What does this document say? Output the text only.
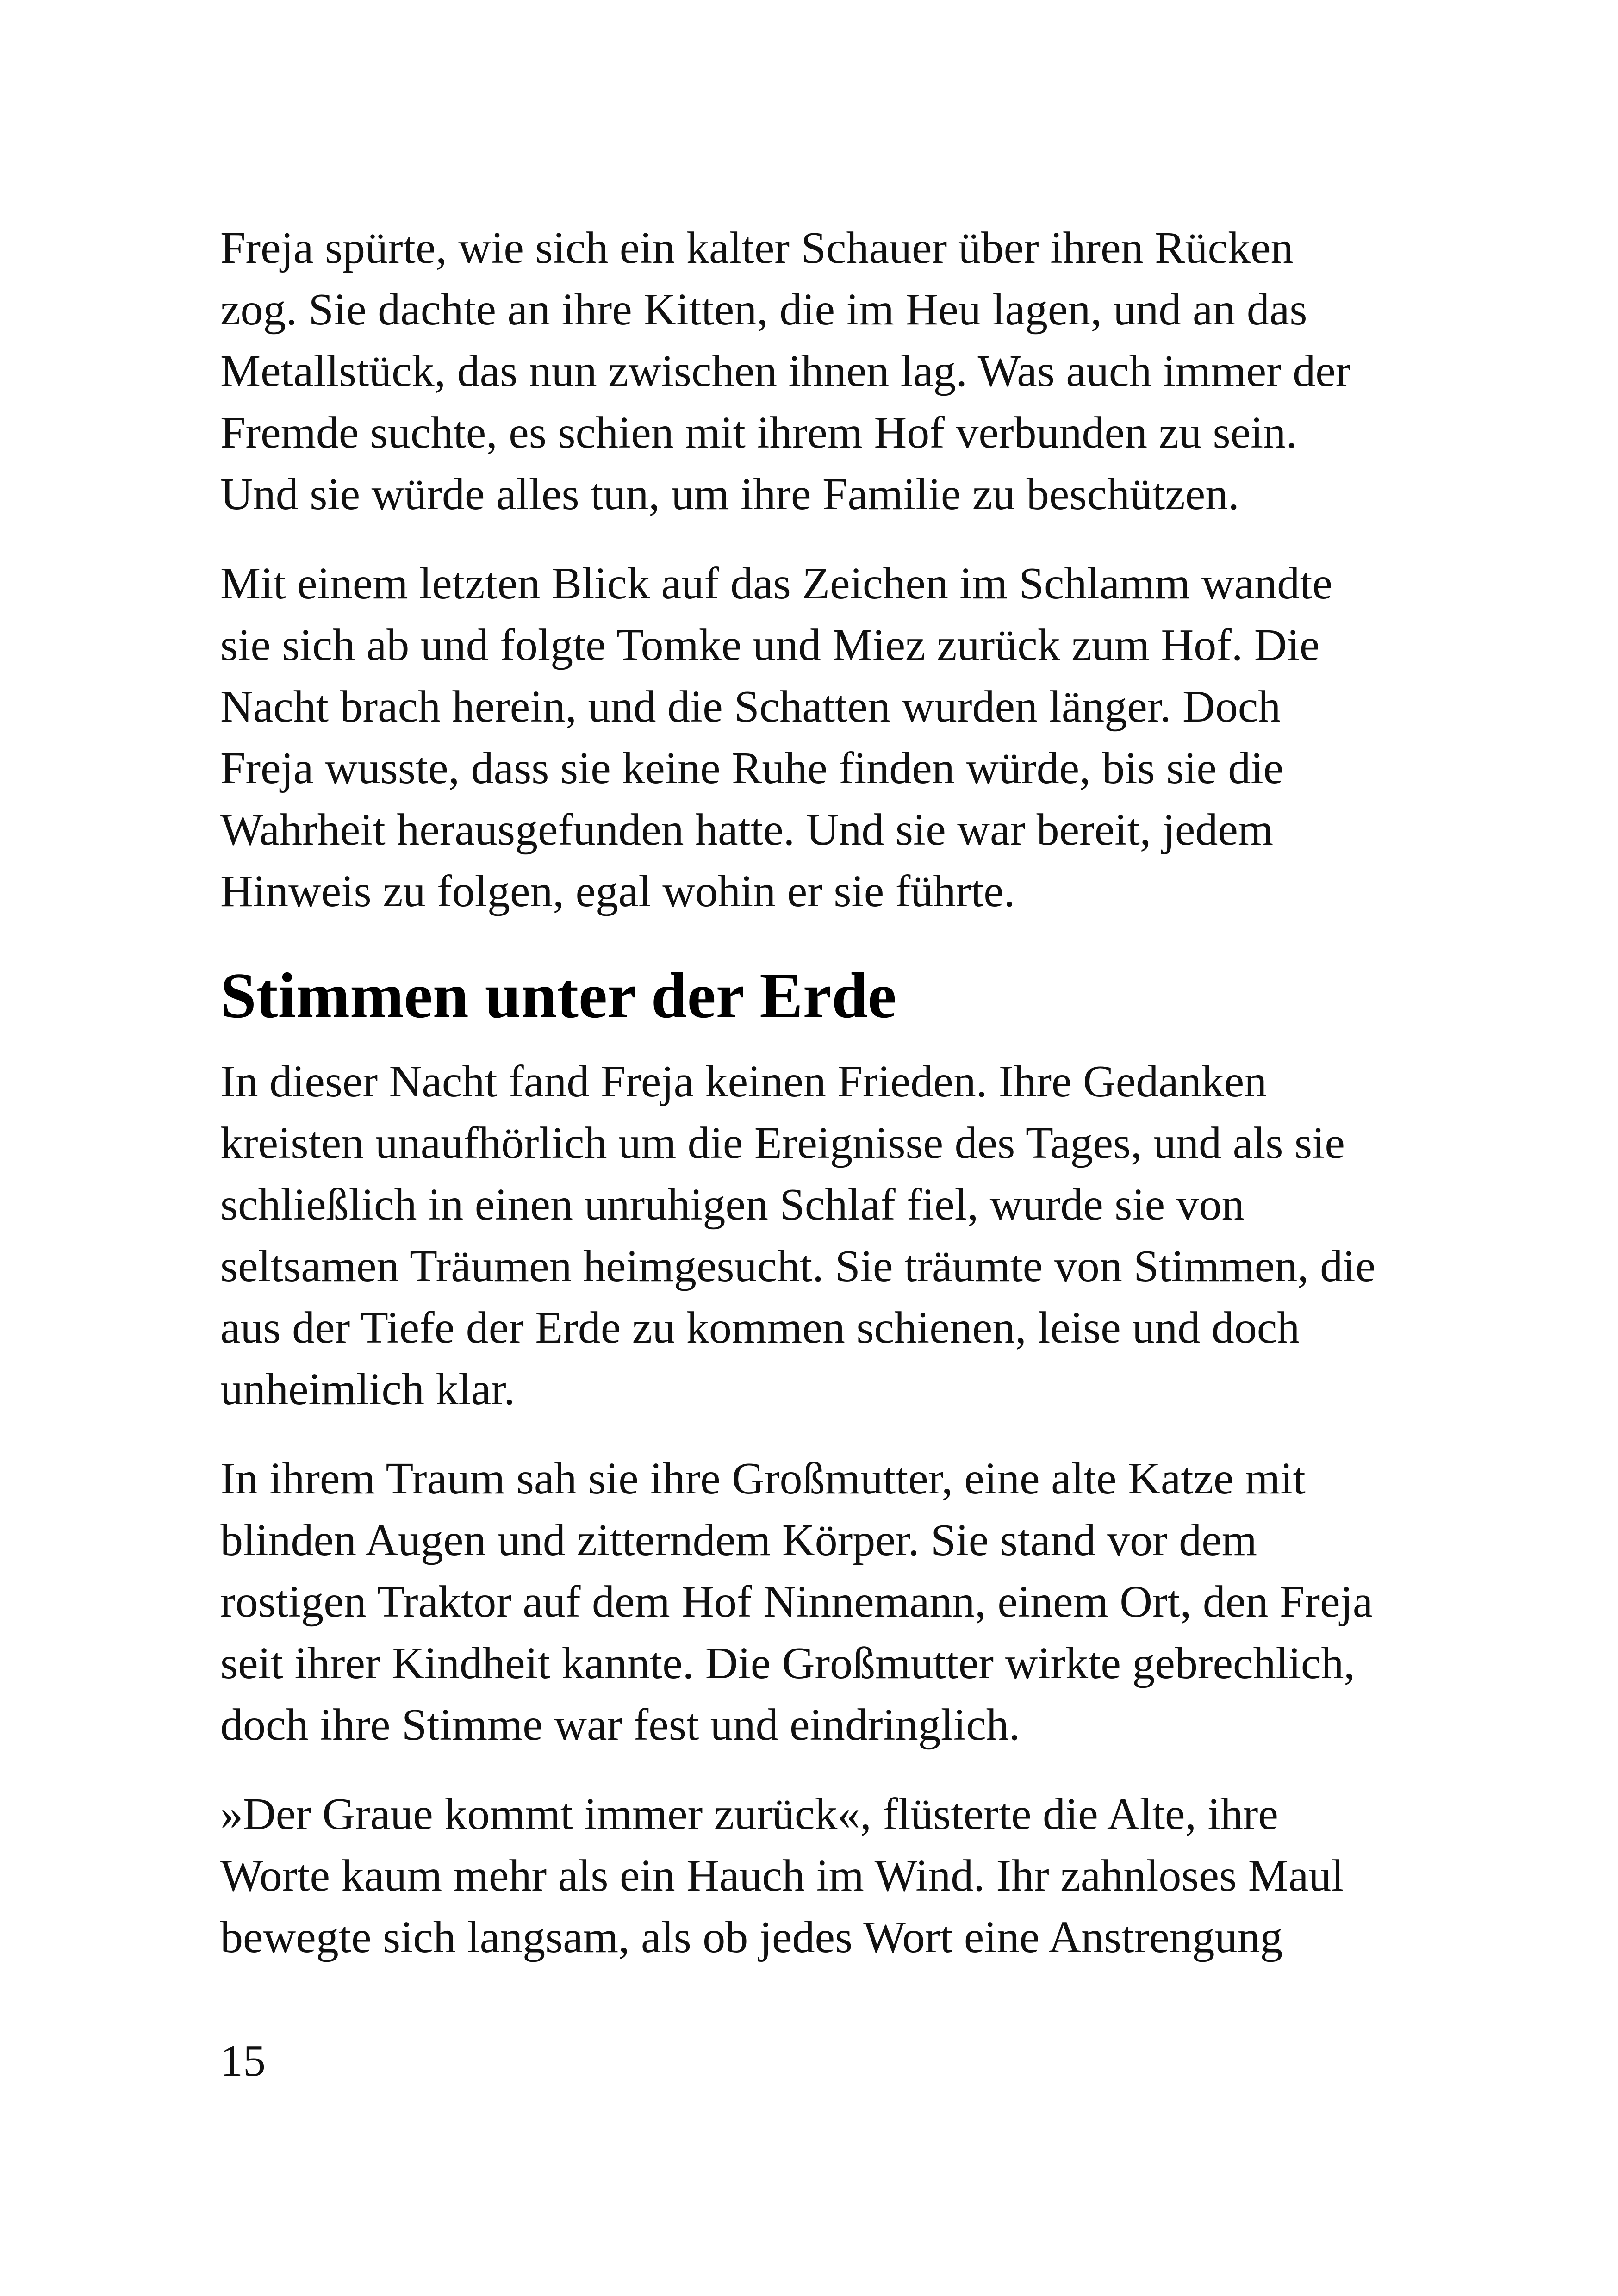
Freja spürte, wie sich ein kalter Schauer über ihren Rücken
zog. Sie dachte an ihre Kitten, die im Heu lagen, und an das
Metallstück, das nun zwischen ihnen lag. Was auch immer der
Fremde suchte, es schien mit ihrem Hof verbunden zu sein.
Und sie würde alles tun, um ihre Familie zu beschützen.

Mit einem letzten Blick auf das Zeichen im Schlamm wandte
sie sich ab und folgte Tomke und Miez zurück zum Hof. Die
Nacht brach herein, und die Schatten wurden länger. Doch
Freja wusste, dass sie keine Ruhe finden würde, bis sie die
Wahrheit herausgefunden hatte. Und sie war bereit, jedem
Hinweis zu folgen, egal wohin er sie führte.

Stimmen unter der Erde

In dieser Nacht fand Freja keinen Frieden. Ihre Gedanken
kreisten unaufhörlich um die Ereignisse des Tages, und als sie
schließlich in einen unruhigen Schlaf fiel, wurde sie von
seltsamen Träumen heimgesucht. Sie träumte von Stimmen, die
aus der Tiefe der Erde zu kommen schienen, leise und doch
unheimlich klar.

In ihrem Traum sah sie ihre Großmutter, eine alte Katze mit
blinden Augen und zitterndem Körper. Sie stand vor dem
rostigen Traktor auf dem Hof Ninnemann, einem Ort, den Freja
seit ihrer Kindheit kannte. Die Großmutter wirkte gebrechlich,
doch ihre Stimme war fest und eindringlich.

»Der Graue kommt immer zurück«, flüsterte die Alte, ihre
Worte kaum mehr als ein Hauch im Wind. Ihr zahnloses Maul
bewegte sich langsam, als ob jedes Wort eine Anstrengung

15
